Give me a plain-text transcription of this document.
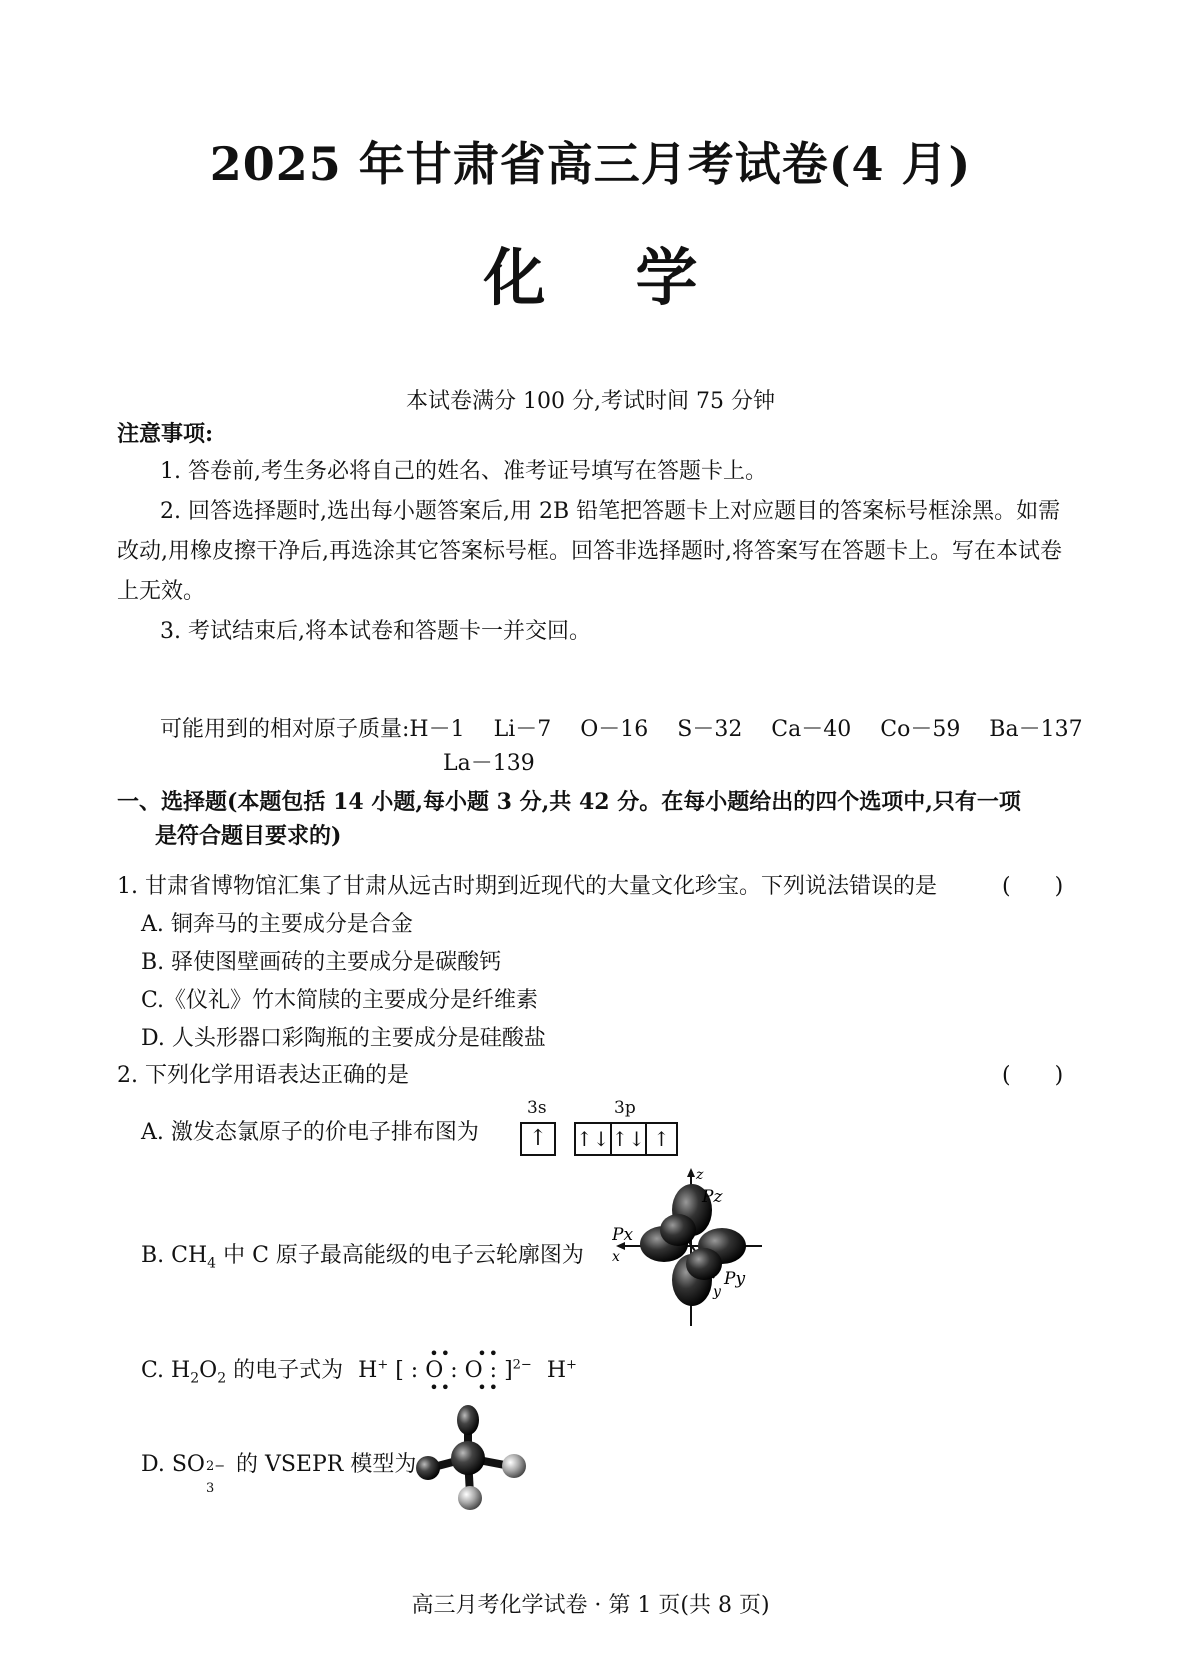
2025 年甘肃省高三月考试卷(4 月)
化学
本试卷满分 100 分,考试时间 75 分钟
注意事项:
1. 答卷前,考生务必将自己的姓名、准考证号填写在答题卡上。
2. 回答选择题时,选出每小题答案后,用 2B 铅笔把答题卡上对应题目的答案标号框涂黑。如需改动,用橡皮擦干净后,再选涂其它答案标号框。回答非选择题时,将答案写在答题卡上。写在本试卷上无效。
3. 考试结束后,将本试卷和答题卡一并交回。
可能用到的相对原子质量:H－1　 Li－7　 O－16　 S－32　 Ca－40　 Co－59　 Ba－137
La－139
一、选择题(本题包括 14 小题,每小题 3 分,共 42 分。在每小题给出的四个选项中,只有一项
是符合题目要求的)
1. 甘肃省博物馆汇集了甘肃从远古时期到近现代的大量文化珍宝。下列说法错误的是	(　　)
A. 铜奔马的主要成分是合金
B. 驿使图壁画砖的主要成分是碳酸钙
C.《仪礼》竹木简牍的主要成分是纤维素
D. 人头形器口彩陶瓶的主要成分是硅酸盐
2. 下列化学用语表达正确的是	(　　)
A. 激发态氯原子的价电子排布图为
3s	3p
↑	↑↓ ↑↓ ↑
B. $CH_4$ 中 C 原子最高能级的电子云轮廓图为
z
Pz
Px
x
Py
y
C. $H_2O_2$ 的电子式为 H+ [ : O : O : ]
••
••
••
••
$^{2-}$ H+
D. SO 2−
3
的 VSEPR 模型为
高三月考化学试卷 · 第 1 页(共 8 页)
